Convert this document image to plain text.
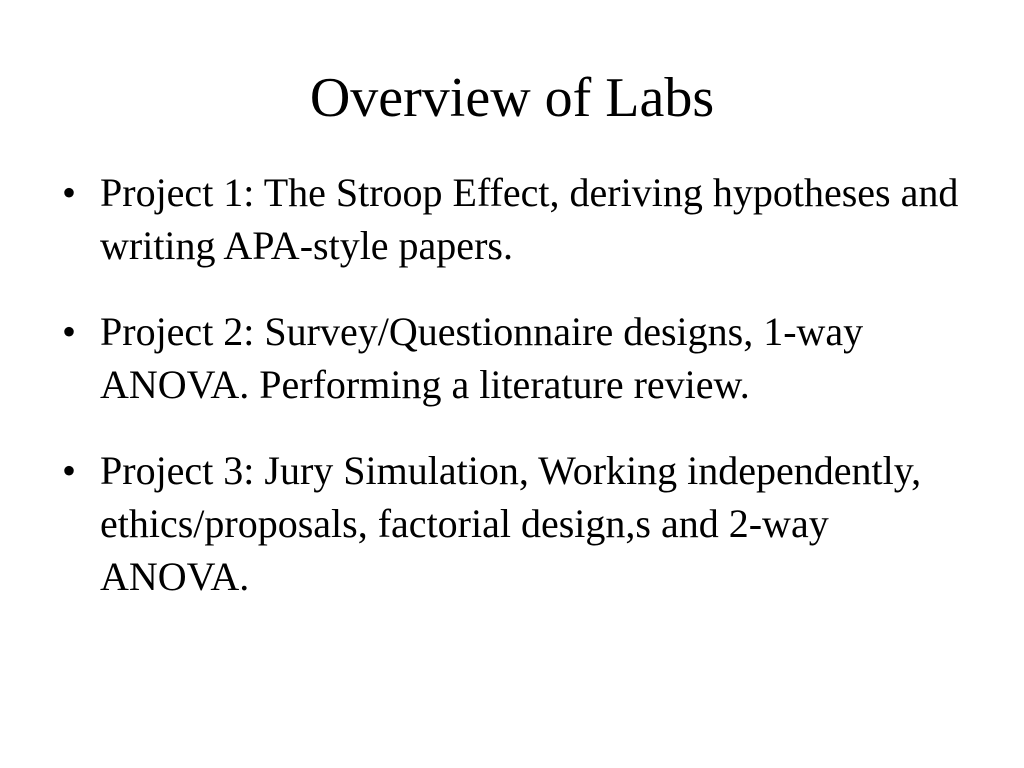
Overview of Labs
• Project 1: The Stroop Effect, deriving hypotheses and writing APA-style papers.
• Project 2: Survey/Questionnaire designs, 1-way ANOVA. Performing a literature review.
• Project 3: Jury Simulation, Working independently, ethics/proposals, factorial design,s and 2-way ANOVA.
